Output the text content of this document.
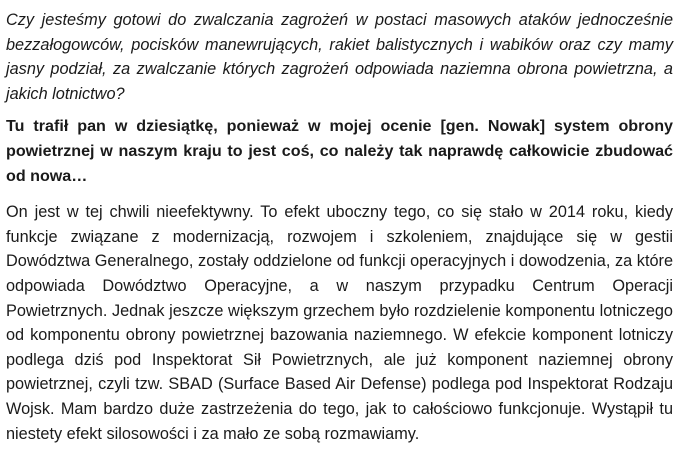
Czy jesteśmy gotowi do zwalczania zagrożeń w postaci masowych ataków jednocześnie bezzałogowców, pocisków manewrujących, rakiet balistycznych i wabików oraz czy mamy jasny podział, za zwalczanie których zagrożeń odpowiada naziemna obrona powietrzna, a jakich lotnictwo?

Tu trafił pan w dziesiątkę, ponieważ w mojej ocenie [gen. Nowak] system obrony powietrznej w naszym kraju to jest coś, co należy tak naprawdę całkowicie zbudować od nowa…

On jest w tej chwili nieefektywny. To efekt uboczny tego, co się stało w 2014 roku, kiedy funkcje związane z modernizacją, rozwojem i szkoleniem, znajdujące się w gestii Dowództwa Generalnego, zostały oddzielone od funkcji operacyjnych i dowodzenia, za które odpowiada Dowództwo Operacyjne, a w naszym przypadku Centrum Operacji Powietrznych. Jednak jeszcze większym grzechem było rozdzielenie komponentu lotniczego od komponentu obrony powietrznej bazowania naziemnego. W efekcie komponent lotniczy podlega dziś pod Inspektorat Sił Powietrznych, ale już komponent naziemnej obrony powietrznej, czyli tzw. SBAD (Surface Based Air Defense) podlega pod Inspektorat Rodzaju Wojsk. Mam bardzo duże zastrzeżenia do tego, jak to całościowo funkcjonuje. Wystąpił tu niestety efekt silosowości i za mało ze sobą rozmawiamy.
